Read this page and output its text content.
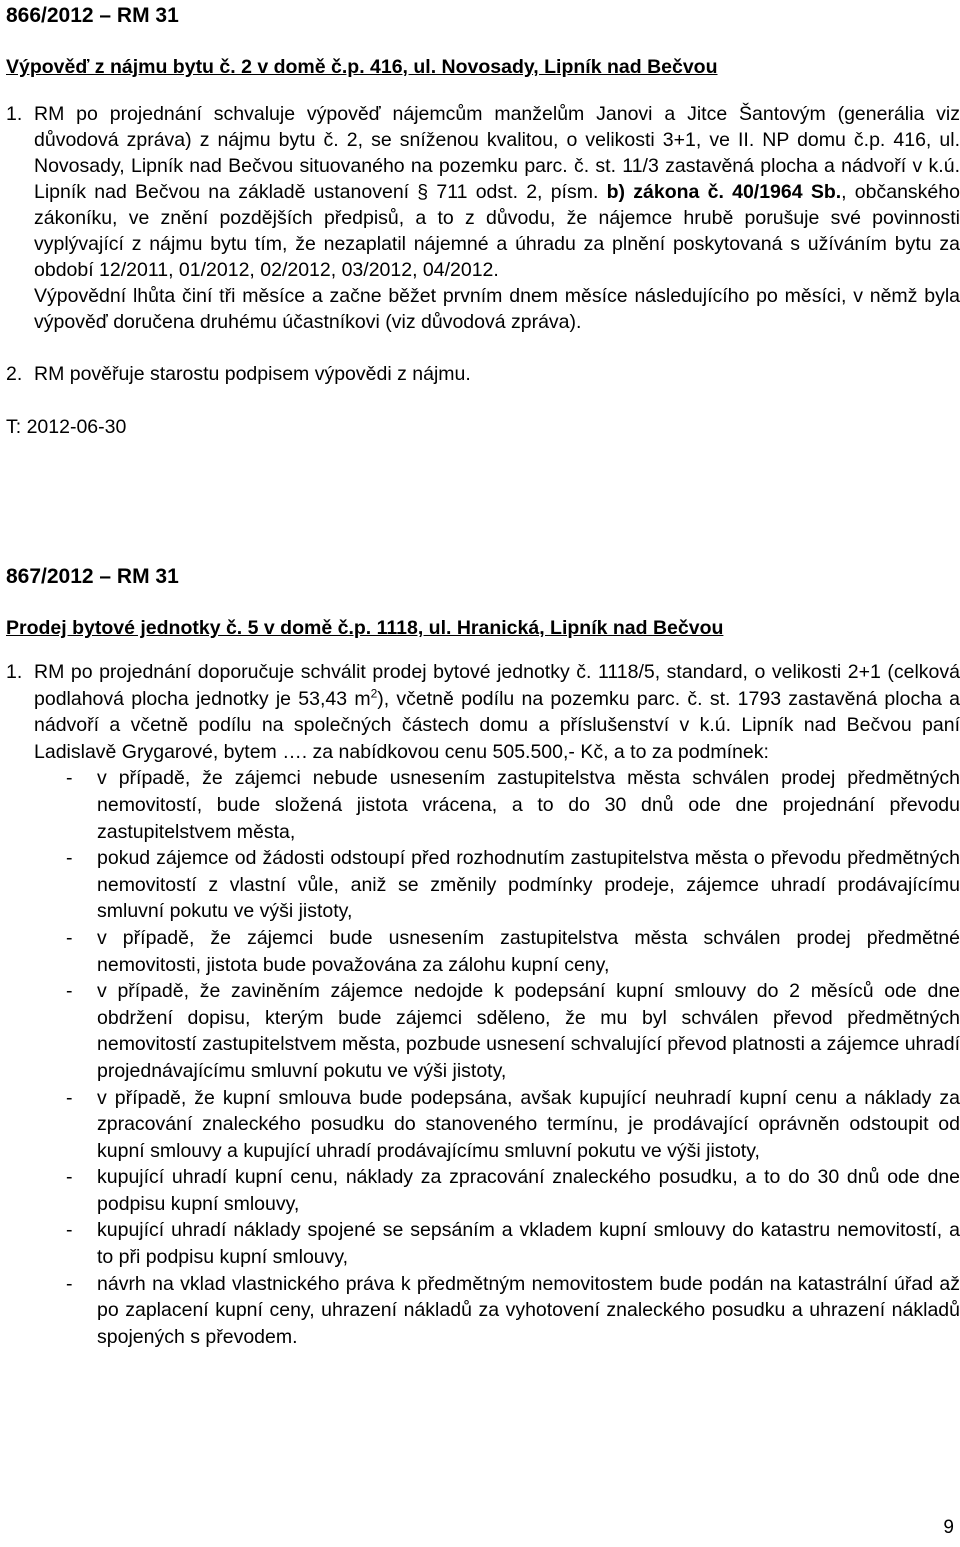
866/2012 – RM 31
Výpověď z nájmu bytu č. 2 v domě č.p. 416, ul. Novosady, Lipník nad Bečvou
1. RM po projednání schvaluje výpověď nájemcům manželům Janovi a Jitce Šantovým (generália viz důvodová zpráva) z nájmu bytu č. 2, se sníženou kvalitou, o velikosti 3+1, ve II. NP domu č.p. 416, ul. Novosady, Lipník nad Bečvou situovaného na pozemku parc. č. st. 11/3 zastavěná plocha a nádvoří v k.ú. Lipník nad Bečvou na základě ustanovení § 711 odst. 2, písm. b) zákona č. 40/1964 Sb., občanského zákoníku, ve znění pozdějších předpisů, a to z důvodu, že nájemce hrubě porušuje své povinnosti vyplývající z nájmu bytu tím, že nezaplatil nájemné a úhradu za plnění poskytovaná s užíváním bytu za období 12/2011, 01/2012, 02/2012, 03/2012, 04/2012.

Výpovědní lhůta činí tři měsíce a začne běžet prvním dnem měsíce následujícího po měsíci, v němž byla výpověď doručena druhému účastníkovi (viz důvodová zpráva).

2. RM pověřuje starostu podpisem výpovědi z nájmu.
T: 2012-06-30
867/2012 – RM 31
Prodej bytové jednotky č. 5 v domě č.p. 1118, ul. Hranická, Lipník nad Bečvou
1. RM po projednání doporučuje schválit prodej bytové jednotky č. 1118/5, standard, o velikosti 2+1 (celková podlahová plocha jednotky je 53,43 $m^2$), včetně podílu na pozemku parc. č. st. 1793 zastavěná plocha a nádvoří a včetně podílu na společných částech domu a příslušenství v k.ú. Lipník nad Bečvou paní Ladislavě Grygarové, bytem …. za nabídkovou cenu 505.500,- Kč, a to za podmínek:
-	v případě, že zájemci nebude usnesením zastupitelstva města schválen prodej předmětných nemovitostí, bude složená jistota vrácena, a to do 30 dnů ode dne projednání převodu zastupitelstvem města,
-	pokud zájemce od žádosti odstoupí před rozhodnutím zastupitelstva města o převodu předmětných nemovitostí z vlastní vůle, aniž se změnily podmínky prodeje, zájemce uhradí prodávajícímu smluvní pokutu ve výši jistoty,
-	v případě, že zájemci bude usnesením zastupitelstva města schválen prodej předmětné nemovitosti, jistota bude považována za zálohu kupní ceny,
-	v případě, že zaviněním zájemce nedojde k podepsání kupní smlouvy do 2 měsíců ode dne obdržení dopisu, kterým bude zájemci sděleno, že mu byl schválen převod předmětných nemovitostí zastupitelstvem města, pozbude usnesení schvalující převod platnosti a zájemce uhradí projednávajícímu smluvní pokutu ve výši jistoty,
-	v případě, že kupní smlouva bude podepsána, avšak kupující neuhradí kupní cenu a náklady za zpracování znaleckého posudku do stanoveného termínu, je prodávající oprávněn odstoupit od kupní smlouvy a kupující uhradí prodávajícímu smluvní pokutu ve výši jistoty,
-	kupující uhradí kupní cenu, náklady za zpracování znaleckého posudku, a to do 30 dnů ode dne podpisu kupní smlouvy,
-	kupující uhradí náklady spojené se sepsáním a vkladem kupní smlouvy do katastru nemovitostí, a to při podpisu kupní smlouvy,
-	návrh na vklad vlastnického práva k předmětným nemovitostem bude podán na katastrální úřad až po zaplacení kupní ceny, uhrazení nákladů za vyhotovení znaleckého posudku a uhrazení nákladů spojených s převodem.
9
